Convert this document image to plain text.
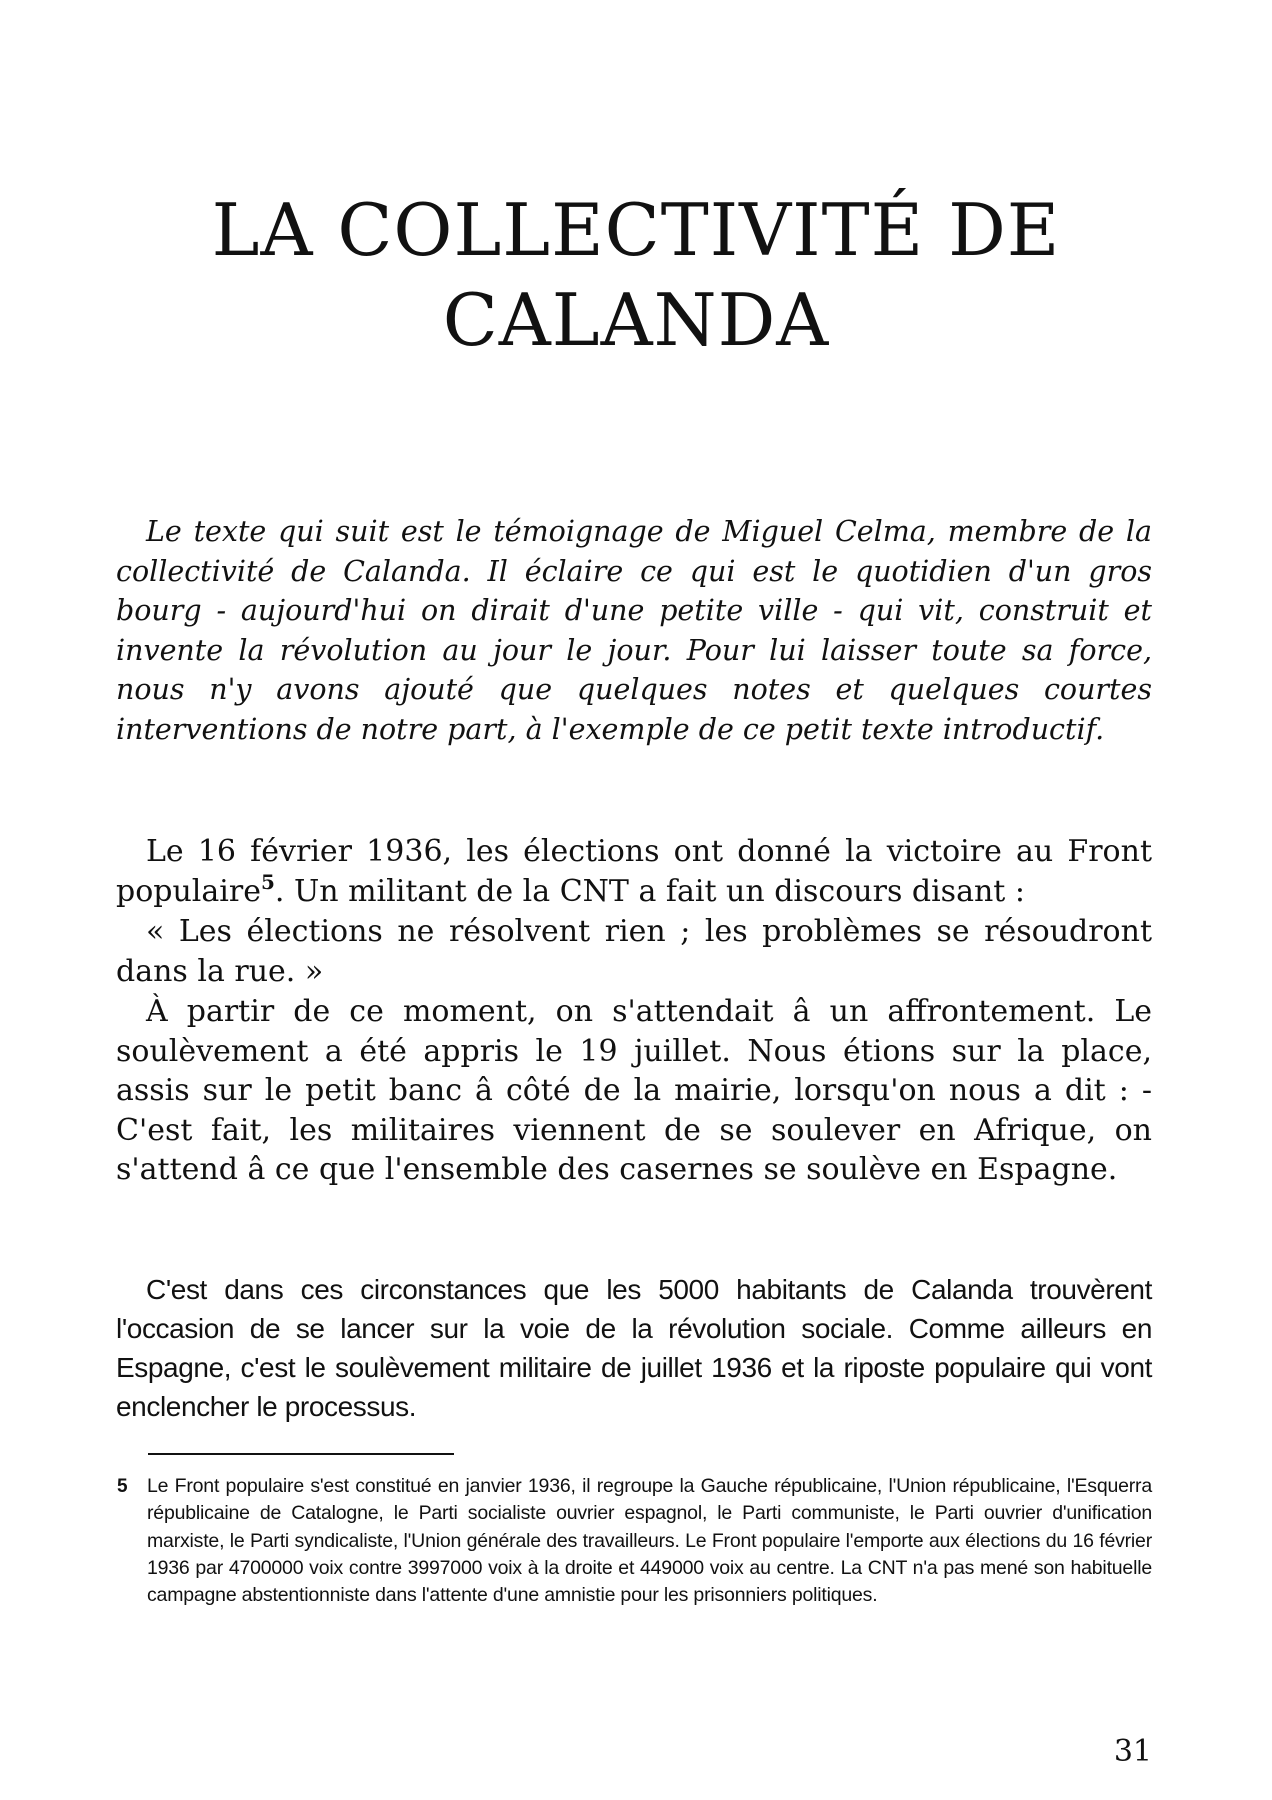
LA COLLECTIVITÉ DE
CALANDA

Le texte qui suit est le témoignage de Miguel Celma, membre de la collectivité de Calanda. Il éclaire ce qui est le quotidien d'un gros bourg - aujourd'hui on dirait d'une petite ville - qui vit, construit et invente la révolution au jour le jour. Pour lui laisser toute sa force, nous n'y avons ajouté que quelques notes et quelques courtes interventions de notre part, à l'exemple de ce petit texte introductif.

Le 16 février 1936, les élections ont donné la victoire au Front populaire$^5$. Un militant de la CNT a fait un discours disant :

« Les élections ne résolvent rien ; les problèmes se résoudront dans la rue. »

À partir de ce moment, on s'attendait â un affrontement. Le soulèvement a été appris le 19 juillet. Nous étions sur la place, assis sur le petit banc â côté de la mairie, lorsqu'on nous a dit : - C'est fait, les militaires viennent de se soulever en Afrique, on s'attend â ce que l'ensemble des casernes se soulève en Espagne.

C'est dans ces circonstances que les 5000 habitants de Calanda trouvèrent l'occasion de se lancer sur la voie de la révolution sociale. Comme ailleurs en Espagne, c'est le soulèvement militaire de juillet 1936 et la riposte populaire qui vont enclencher le processus.

5 Le Front populaire s'est constitué en janvier 1936, il regroupe la Gauche républicaine, l'Union républicaine, l'Esquerra républicaine de Catalogne, le Parti socialiste ouvrier espagnol, le Parti communiste, le Parti ouvrier d'unification marxiste, le Parti syndicaliste, l'Union générale des travailleurs. Le Front populaire l'emporte aux élections du 16 février 1936 par 4700000 voix contre 3997000 voix à la droite et 449000 voix au centre. La CNT n'a pas mené son habituelle campagne abstentionniste dans l'attente d'une amnistie pour les prisonniers politiques.

31
